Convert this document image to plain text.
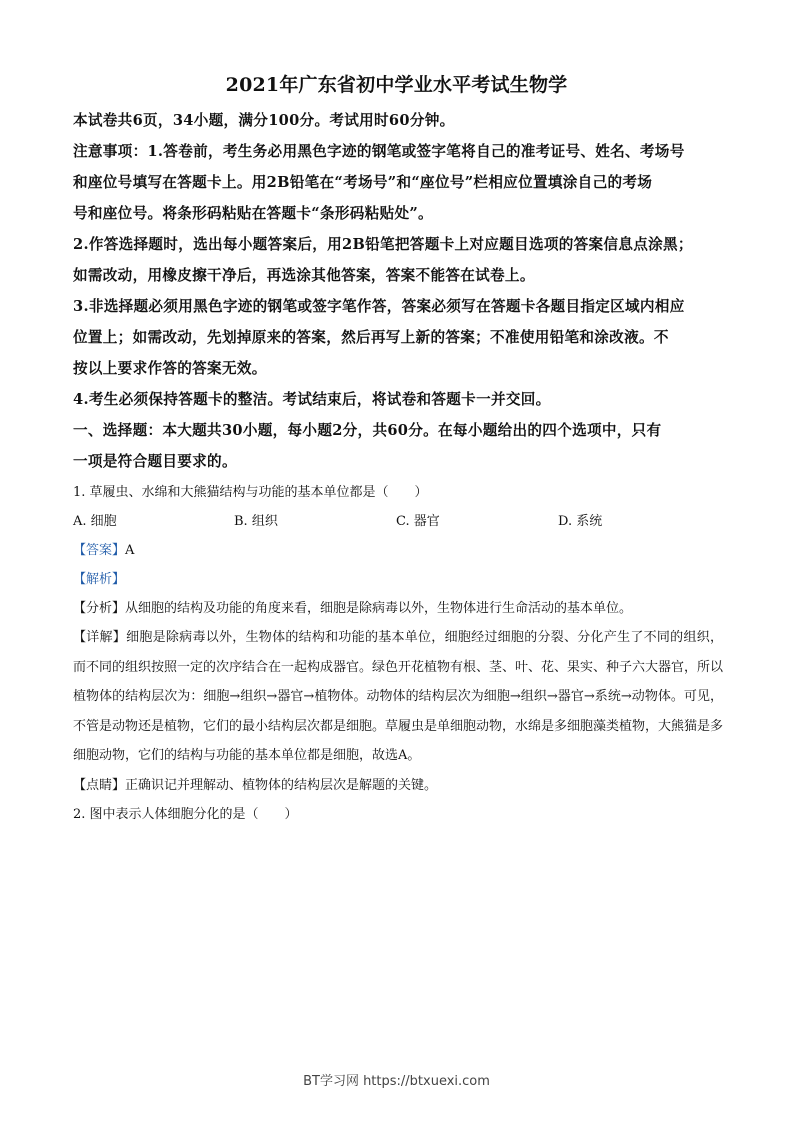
2021年广东省初中学业水平考试生物学

本试卷共6页，34小题，满分100分。考试用时60分钟。

注意事项：1.答卷前，考生务必用黑色字迹的钢笔或签字笔将自己的准考证号、姓名、考场号

和座位号填写在答题卡上。用2B铅笔在“考场号”和“座位号”栏相应位置填涂自己的考场

号和座位号。将条形码粘贴在答题卡“条形码粘贴处”。

2.作答选择题时，选出每小题答案后，用2B铅笔把答题卡上对应题目选项的答案信息点涂黑；

如需改动，用橡皮擦干净后，再选涂其他答案，答案不能答在试卷上。

3.非选择题必须用黑色字迹的钢笔或签字笔作答，答案必须写在答题卡各题目指定区域内相应

位置上；如需改动，先划掉原来的答案，然后再写上新的答案；不准使用铅笔和涂改液。不

按以上要求作答的答案无效。

4.考生必须保持答题卡的整洁。考试结束后，将试卷和答题卡一并交回。

一、选择题：本大题共30小题，每小题2分，共60分。在每小题给出的四个选项中，只有

一项是符合题目要求的。

1. 草履虫、水绵和大熊猫结构与功能的基本单位都是（　　）

A. 细胞	B. 组织	C. 器官	D. 系统

【答案】A

【解析】

【分析】从细胞的结构及功能的角度来看，细胞是除病毒以外，生物体进行生命活动的基本单位。

【详解】细胞是除病毒以外，生物体的结构和功能的基本单位，细胞经过细胞的分裂、分化产生了不同的组织，而不同的组织按照一定的次序结合在一起构成器官。绿色开花植物有根、茎、叶、花、果实、种子六大器官，所以植物体的结构层次为：细胞→组织→器官→植物体。动物体的结构层次为细胞→组织→器官→系统→动物体。可见，不管是动物还是植物，它们的最小结构层次都是细胞。草履虫是单细胞动物，水绵是多细胞藻类植物，大熊猫是多细胞动物，它们的结构与功能的基本单位都是细胞，故选A。

【点睛】正确识记并理解动、植物体的结构层次是解题的关键。

2. 图中表示人体细胞分化的是（　　）

BT学习网 https://btxuexi.com
